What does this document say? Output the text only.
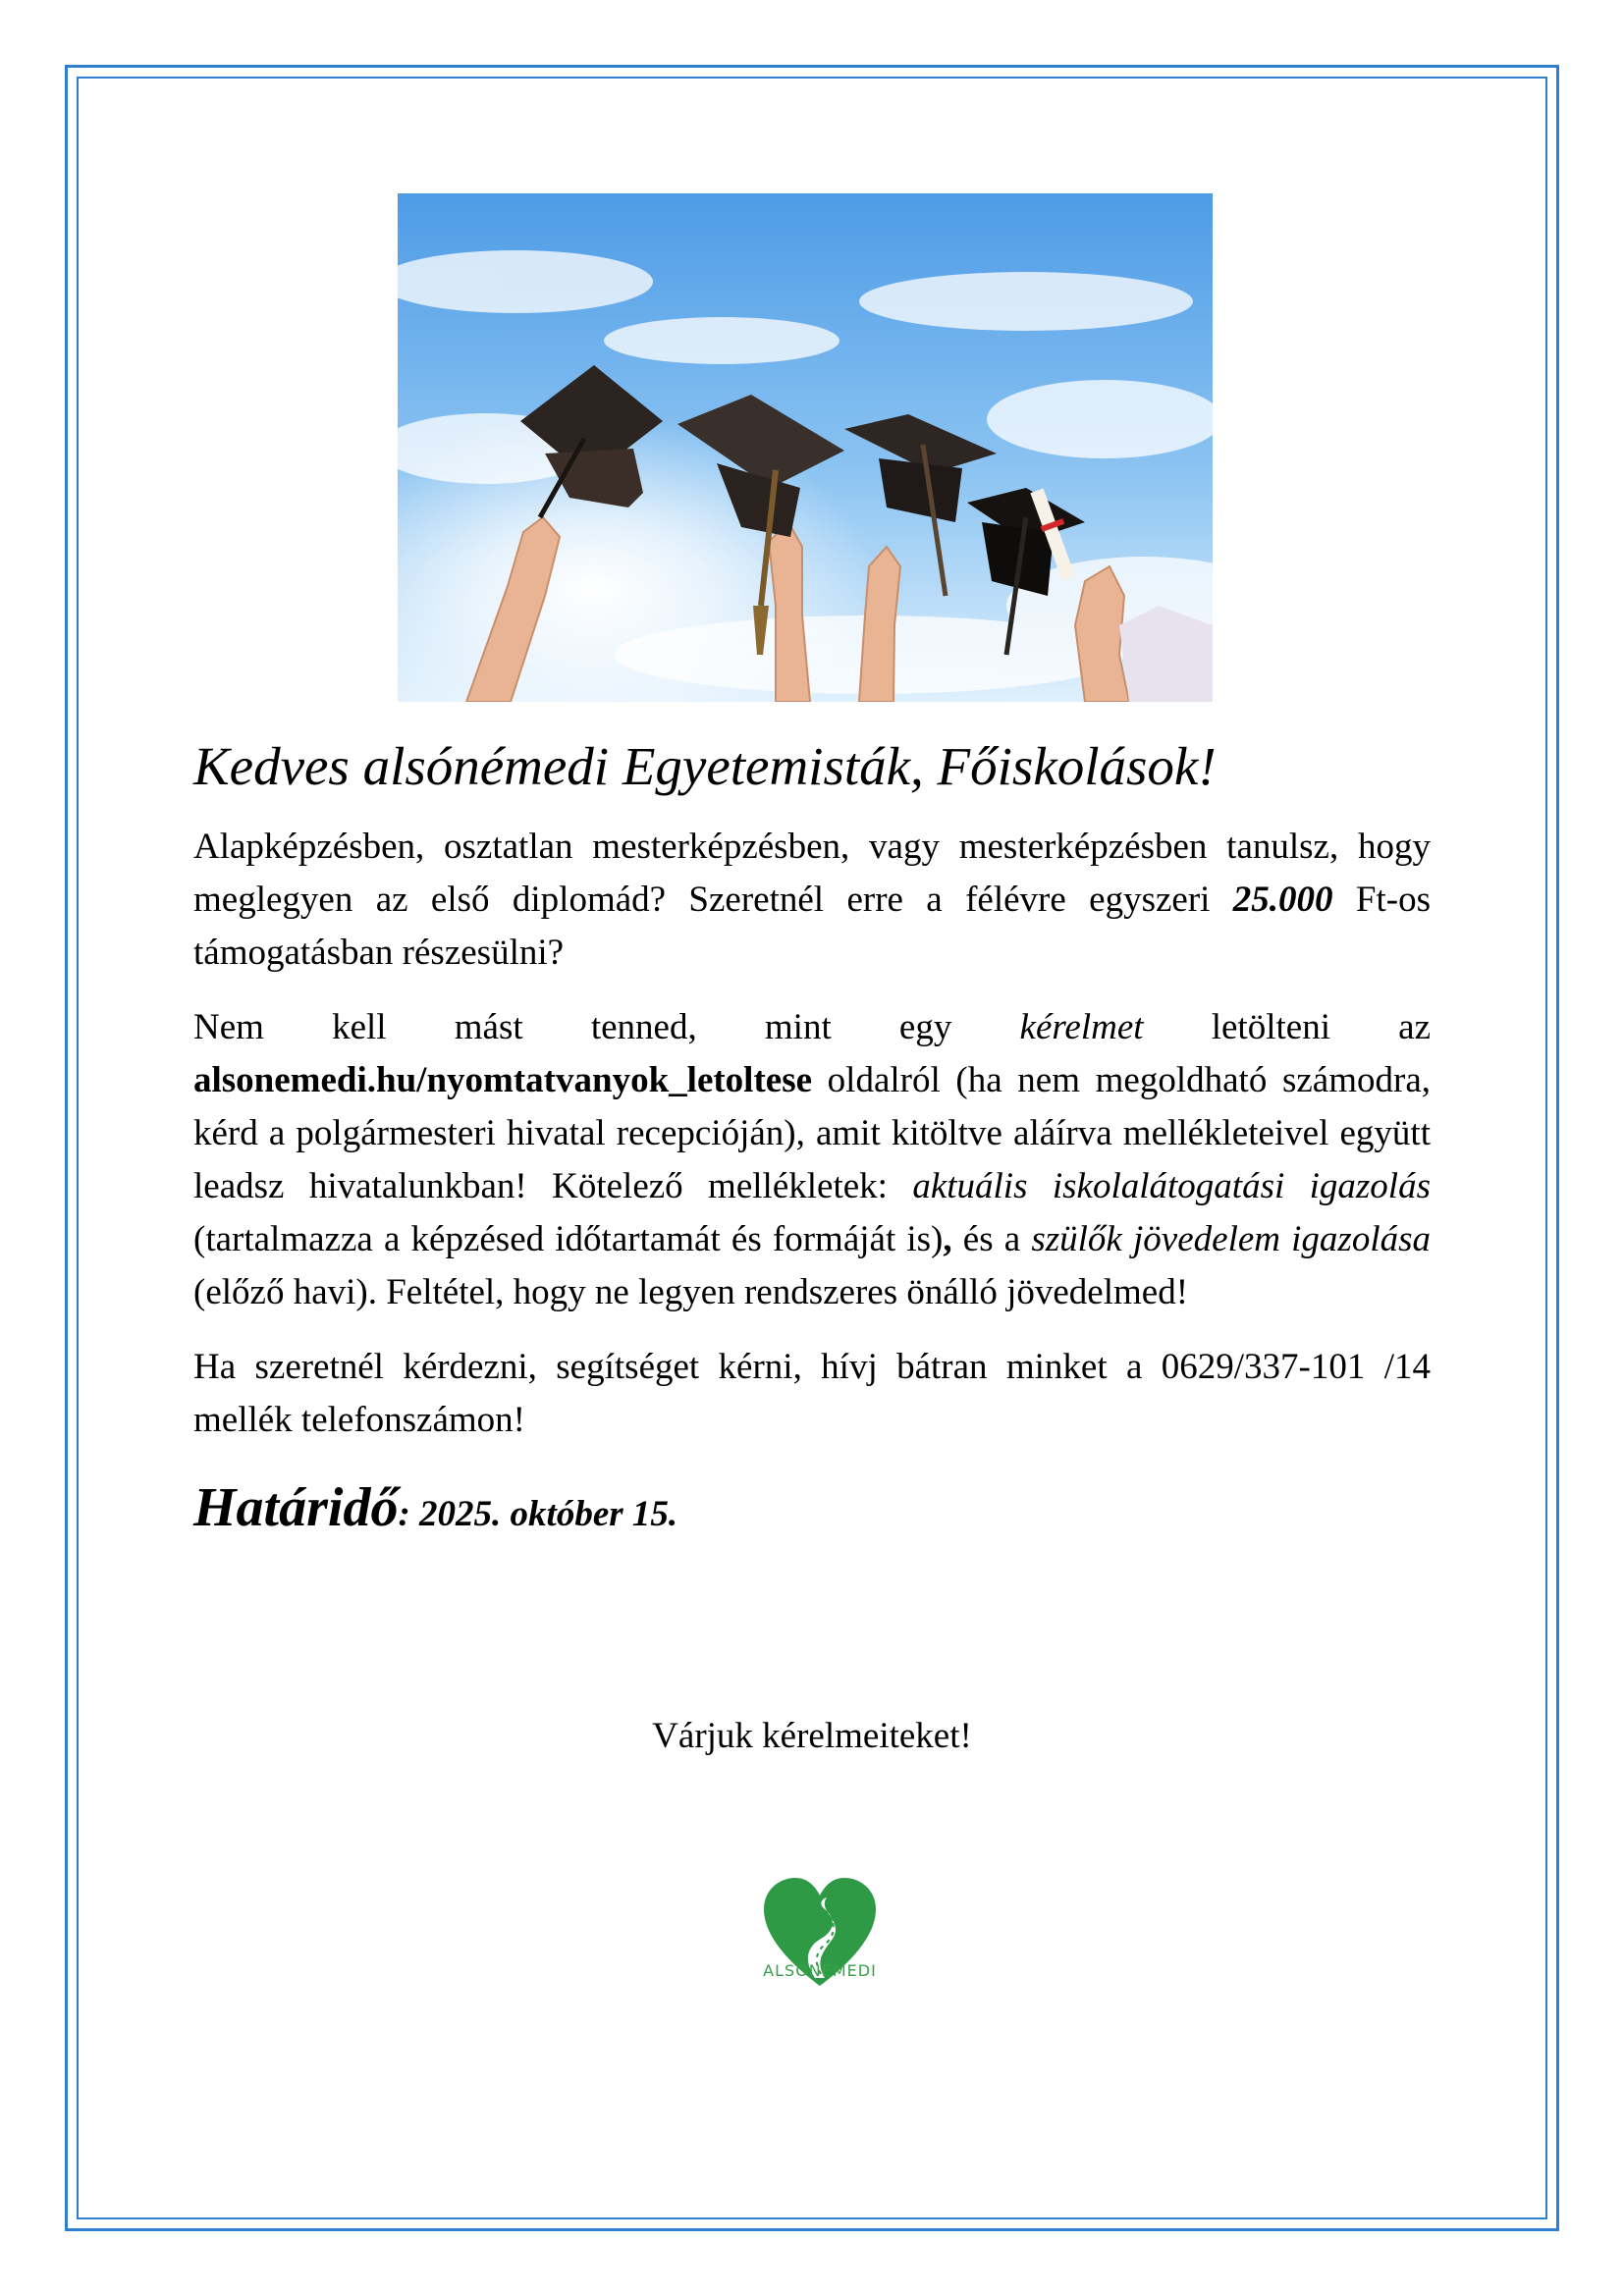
Kedves alsónémedi Egyetemisták, Főiskolások!

Alapképzésben, osztatlan mesterképzésben, vagy mesterképzésben tanulsz, hogy meglegyen az első diplomád? Szeretnél erre a félévre egyszeri 25.000 Ft-os támogatásban részesülni?

Nem kell mást tenned, mint egy kérelmet letölteni az alsonemedi.hu/nyomtatvanyok_letoltese oldalról (ha nem megoldható számodra, kérd a polgármesteri hivatal recepcióján), amit kitöltve aláírva mellékleteivel együtt leadsz hivatalunkban! Kötelező mellékletek: aktuális iskolalátogatási igazolás (tartalmazza a képzésed időtartamát és formáját is), és a szülők jövedelem igazolása (előző havi). Feltétel, hogy ne legyen rendszeres önálló jövedelmed!

Ha szeretnél kérdezni, segítséget kérni, hívj bátran minket a 0629/337-101 /14 mellék telefonszámon!

Határidő: 2025. október 15.

Várjuk kérelmeiteket!
ALSÓNÉMEDI
